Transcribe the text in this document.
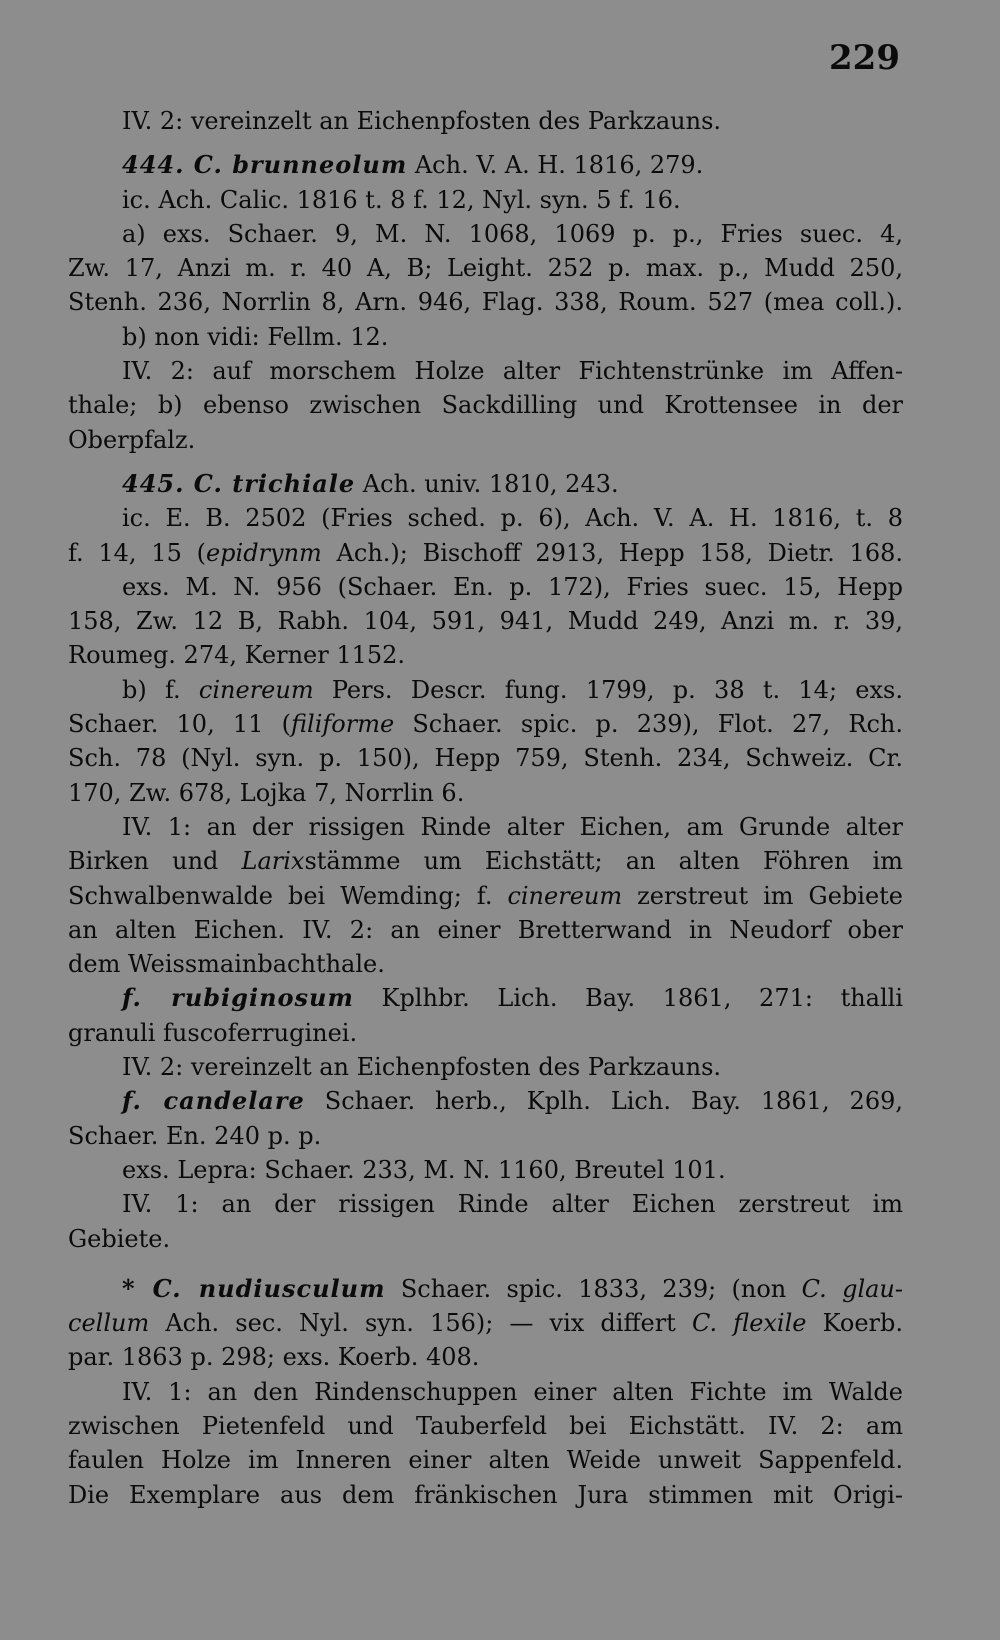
229
IV. 2: vereinzelt an Eichenpfosten des Parkzauns.
444. C. brunneolum Ach. V. A. H. 1816, 279.
ic. Ach. Calic. 1816 t. 8 f. 12, Nyl. syn. 5 f. 16.
a) exs. Schaer. 9, M. N. 1068, 1069 p. p., Fries suec. 4,
Zw. 17, Anzi m. r. 40 A, B; Leight. 252 p. max. p., Mudd 250,
Stenh. 236, Norrlin 8, Arn. 946, Flag. 338, Roum. 527 (mea coll.).
b) non vidi: Fellm. 12.
IV. 2: auf morschem Holze alter Fichtenstrünke im Affen-
thale; b) ebenso zwischen Sackdilling und Krottensee in der
Oberpfalz.
445. C. trichiale Ach. univ. 1810, 243.
ic. E. B. 2502 (Fries sched. p. 6), Ach. V. A. H. 1816, t. 8
f. 14, 15 (epidrynm Ach.); Bischoff 2913, Hepp 158, Dietr. 168.
exs. M. N. 956 (Schaer. En. p. 172), Fries suec. 15, Hepp
158, Zw. 12 B, Rabh. 104, 591, 941, Mudd 249, Anzi m. r. 39,
Roumeg. 274, Kerner 1152.
b) f. cinereum Pers. Descr. fung. 1799, p. 38 t. 14; exs.
Schaer. 10, 11 (filiforme Schaer. spic. p. 239), Flot. 27, Rch.
Sch. 78 (Nyl. syn. p. 150), Hepp 759, Stenh. 234, Schweiz. Cr.
170, Zw. 678, Lojka 7, Norrlin 6.
IV. 1: an der rissigen Rinde alter Eichen, am Grunde alter
Birken und Larixstämme um Eichstätt; an alten Föhren im
Schwalbenwalde bei Wemding; f. cinereum zerstreut im Gebiete
an alten Eichen. IV. 2: an einer Bretterwand in Neudorf ober
dem Weissmainbachthale.
f. rubiginosum Kplhbr. Lich. Bay. 1861, 271: thalli
granuli fuscoferruginei.
IV. 2: vereinzelt an Eichenpfosten des Parkzauns.
f. candelare Schaer. herb., Kplh. Lich. Bay. 1861, 269,
Schaer. En. 240 p. p.
exs. Lepra: Schaer. 233, M. N. 1160, Breutel 101.
IV. 1: an der rissigen Rinde alter Eichen zerstreut im
Gebiete.
* C. nudiusculum Schaer. spic. 1833, 239; (non C. glau-
cellum Ach. sec. Nyl. syn. 156); — vix differt C. flexile Koerb.
par. 1863 p. 298; exs. Koerb. 408.
IV. 1: an den Rindenschuppen einer alten Fichte im Walde
zwischen Pietenfeld und Tauberfeld bei Eichstätt. IV. 2: am
faulen Holze im Inneren einer alten Weide unweit Sappenfeld.
Die Exemplare aus dem fränkischen Jura stimmen mit Origi-
